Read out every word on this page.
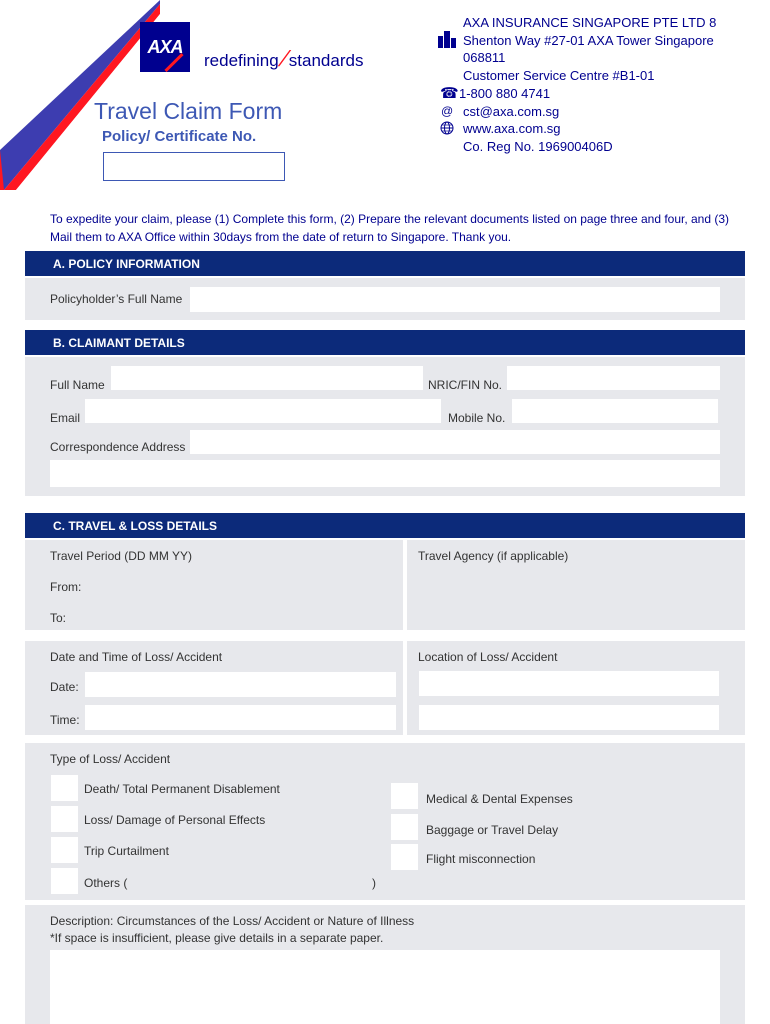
AXA
redefining/standards
Travel Claim Form
Policy/ Certificate No.
☎
@
AXA INSURANCE SINGAPORE PTE LTD 8
Shenton Way #27-01 AXA Tower Singapore
068811
Customer Service Centre #B1-01
1-800 880 4741
cst@axa.com.sg
www.axa.com.sg
Co. Reg No. 196900406D
To expedite your claim, please (1) Complete this form, (2) Prepare the relevant documents listed on page three and four, and (3) Mail them to AXA Office within 30days from the date of return to Singapore. Thank you.
A. POLICY INFORMATION
Policyholder’s Full Name
B. CLAIMANT DETAILS
Full Name	NRIC/FIN No.
Email	Mobile No.
Correspondence Address
C. TRAVEL & LOSS DETAILS
Travel Period (DD MM YY)
From:
To:
Travel Agency (if applicable)
Date and Time of Loss/ Accident
Date:
Time:
Location of Loss/ Accident
Type of Loss/ Accident
Death/ Total Permanent Disablement
Loss/ Damage of Personal Effects
Trip Curtailment
Others (	)
Medical & Dental Expenses
Baggage or Travel Delay
Flight misconnection
Description: Circumstances of the Loss/ Accident or Nature of Illness
*If space is insufficient, please give details in a separate paper.
